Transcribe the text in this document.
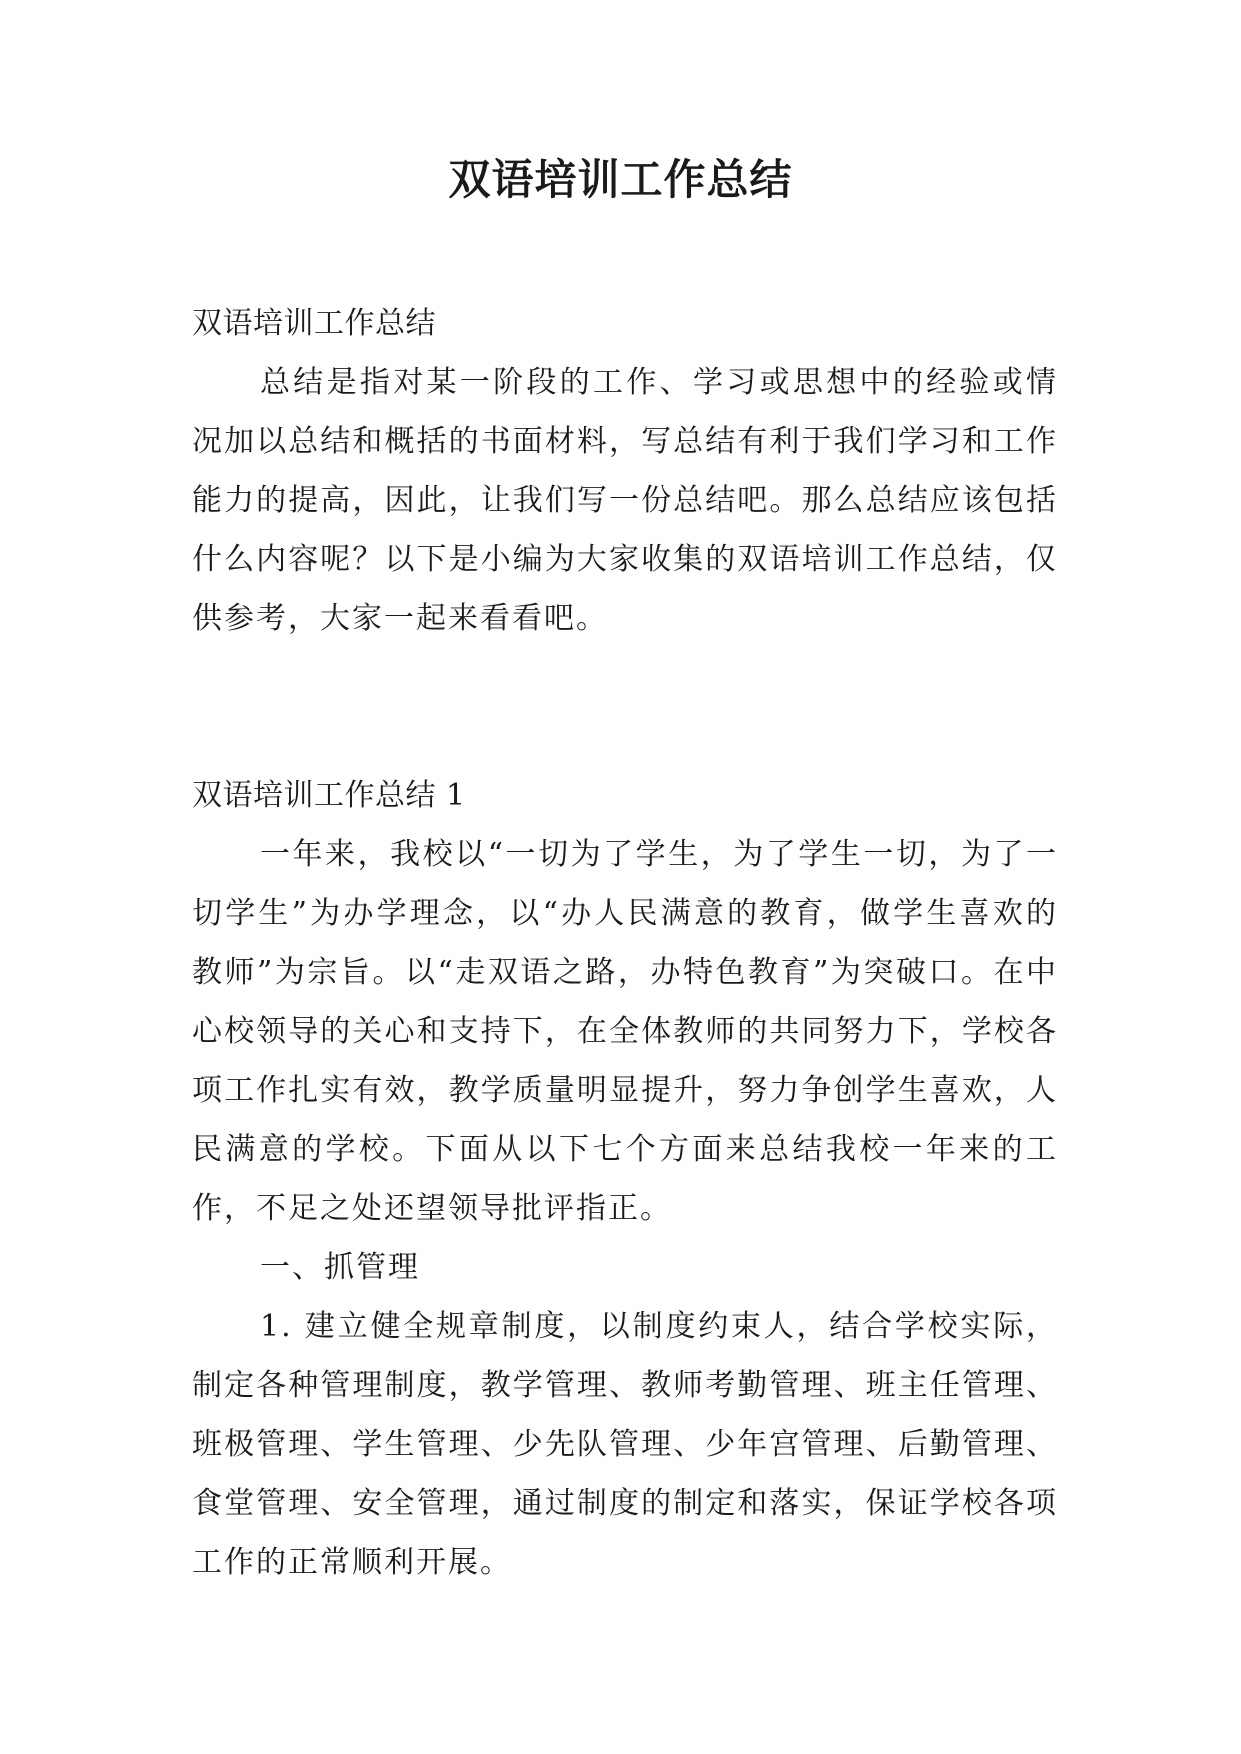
双语培训工作总结

双语培训工作总结

总结是指对某一阶段的工作、学习或思想中的经验或情况加以总结和概括的书面材料，写总结有利于我们学习和工作能力的提高，因此，让我们写一份总结吧。那么总结应该包括什么内容呢？以下是小编为大家收集的双语培训工作总结，仅供参考，大家一起来看看吧。

双语培训工作总结 1

一年来，我校以“一切为了学生，为了学生一切，为了一切学生”为办学理念，以“办人民满意的教育，做学生喜欢的教师”为宗旨。以“走双语之路，办特色教育”为突破口。在中心校领导的关心和支持下，在全体教师的共同努力下，学校各项工作扎实有效，教学质量明显提升，努力争创学生喜欢，人民满意的学校。下面从以下七个方面来总结我校一年来的工作，不足之处还望领导批评指正。

一、抓管理

1. 建立健全规章制度，以制度约束人，结合学校实际，制定各种管理制度，教学管理、教师考勤管理、班主任管理、班极管理、学生管理、少先队管理、少年宫管理、后勤管理、食堂管理、安全管理，通过制度的制定和落实，保证学校各项工作的正常顺利开展。
